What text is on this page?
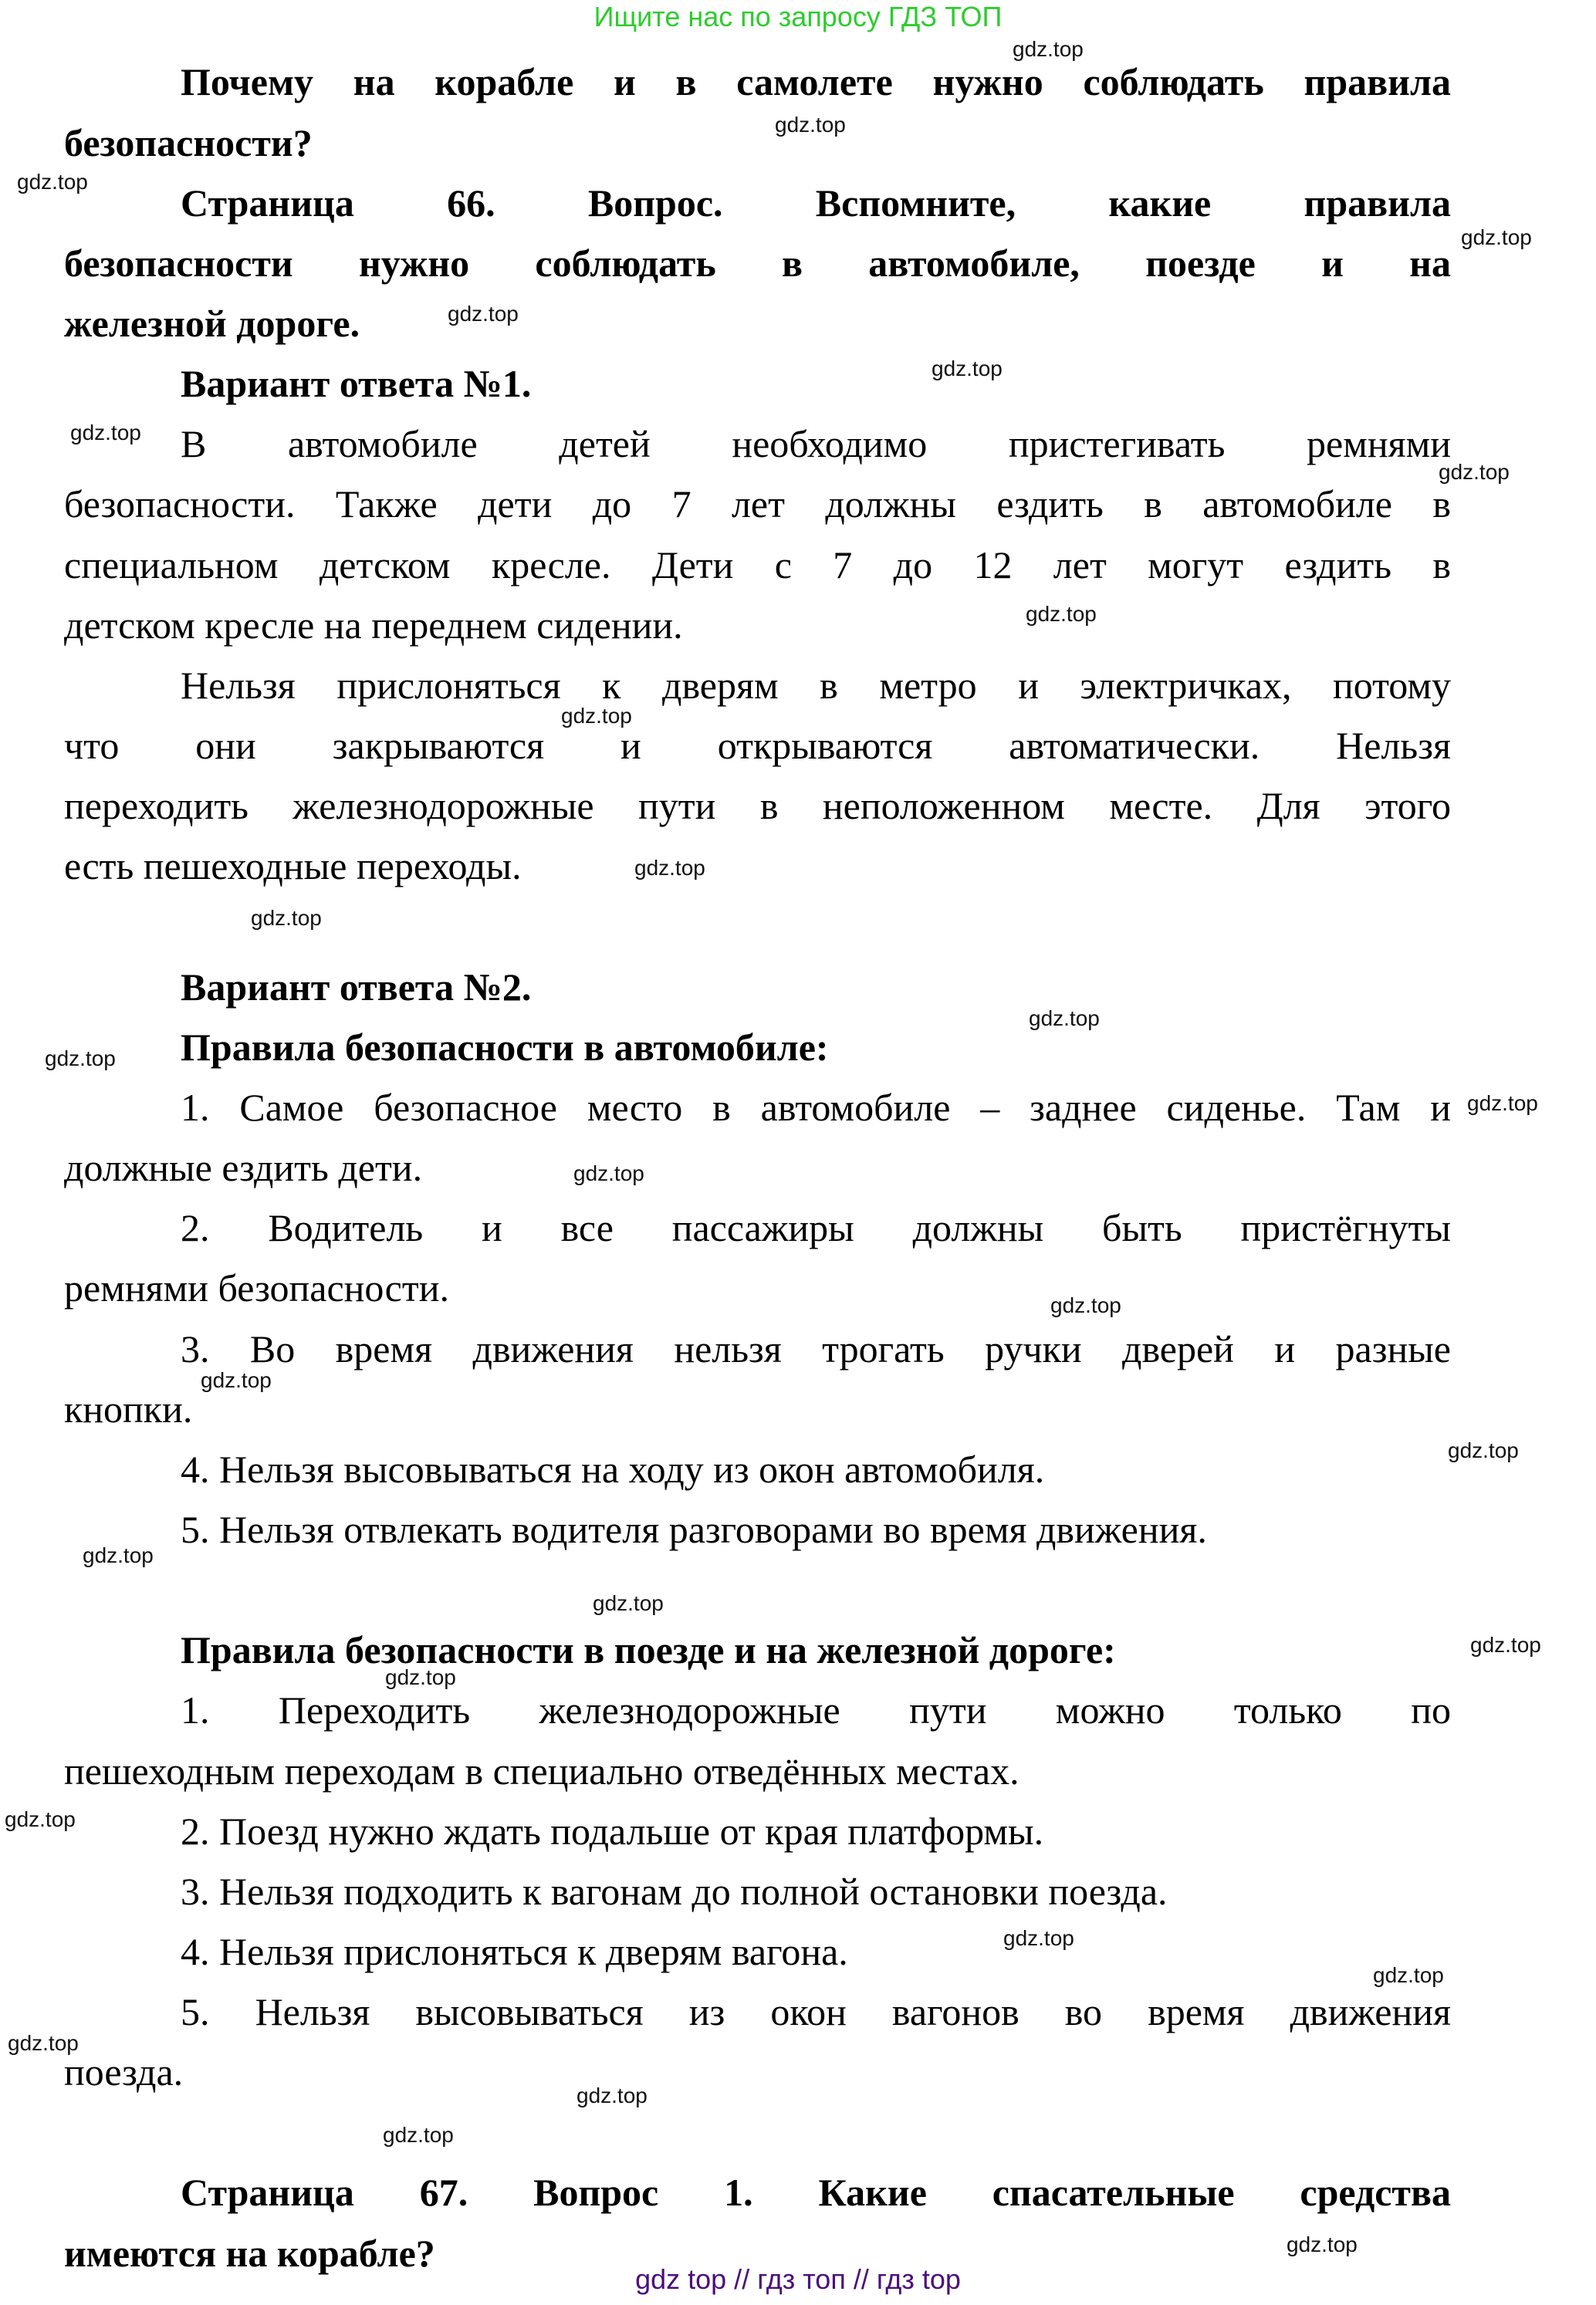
Ищите нас по запросу ГДЗ ТОП
Почему на корабле и в самолете нужно соблюдать правила
безопасности?
Страница 66. Вопрос. Вспомните, какие правила
безопасности нужно соблюдать в автомобиле, поезде и на
железной дороге.
Вариант ответа №1.
В автомобиле детей необходимо пристегивать ремнями
безопасности. Также дети до 7 лет должны ездить в автомобиле в
специальном детском кресле. Дети с 7 до 12 лет могут ездить в
детском кресле на переднем сидении.
Нельзя прислоняться к дверям в метро и электричках, потому
что они закрываются и открываются автоматически. Нельзя
переходить железнодорожные пути в неположенном месте. Для этого
есть пешеходные переходы.
Вариант ответа №2.
Правила безопасности в автомобиле:
1. Самое безопасное место в автомобиле – заднее сиденье. Там и
должные ездить дети.
2. Водитель и все пассажиры должны быть пристёгнуты
ремнями безопасности.
3. Во время движения нельзя трогать ручки дверей и разные
кнопки.
4. Нельзя высовываться на ходу из окон автомобиля.
5. Нельзя отвлекать водителя разговорами во время движения.
Правила безопасности в поезде и на железной дороге:
1. Переходить железнодорожные пути можно только по
пешеходным переходам в специально отведённых местах.
2. Поезд нужно ждать подальше от края платформы.
3. Нельзя подходить к вагонам до полной остановки поезда.
4. Нельзя прислоняться к дверям вагона.
5. Нельзя высовываться из окон вагонов во время движения
поезда.
Страница 67. Вопрос 1. Какие спасательные средства
имеются на корабле?
gdz.top
gdz.top
gdz.top
gdz.top
gdz.top
gdz.top
gdz.top
gdz.top
gdz.top
gdz.top
gdz.top
gdz.top
gdz.top
gdz.top
gdz.top
gdz.top
gdz.top
gdz.top
gdz.top
gdz.top
gdz.top
gdz.top
gdz.top
gdz.top
gdz.top
gdz.top
gdz.top
gdz.top
gdz.top
gdz.top
gdz top // гдз топ // гдз top
